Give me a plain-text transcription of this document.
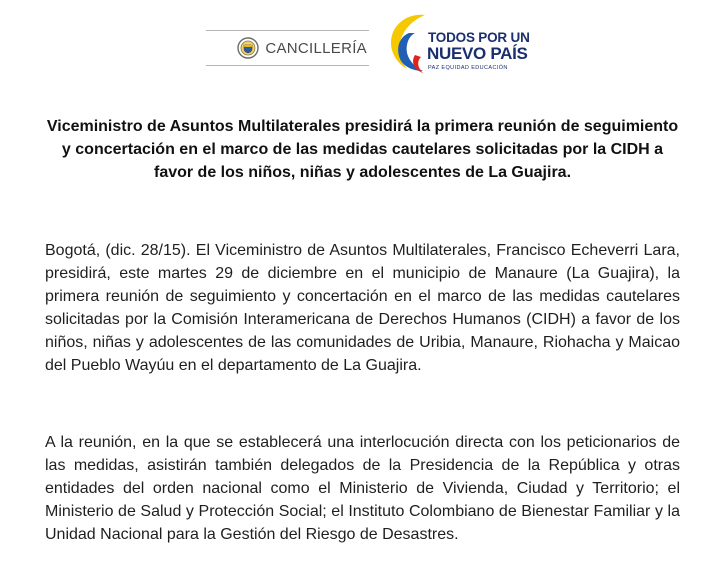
CANCILLERÍA
TODOS POR UN
NUEVO PAÍS
PAZ EQUIDAD EDUCACIÓN
Viceministro de Asuntos Multilaterales presidirá la primera reunión de seguimiento y concertación en el marco de las medidas cautelares solicitadas por la CIDH a favor de los niños, niñas y adolescentes de La Guajira.

Bogotá, (dic. 28/15). El Viceministro de Asuntos Multilaterales, Francisco Echeverri Lara, presidirá, este martes 29 de diciembre en el municipio de Manaure (La Guajira), la primera reunión de seguimiento y concertación en el marco de las medidas cautelares solicitadas por la Comisión Interamericana de Derechos Humanos (CIDH) a favor de los niños, niñas y adolescentes de las comunidades de Uribia, Manaure, Riohacha y Maicao del Pueblo Wayúu en el departamento de La Guajira.

A la reunión, en la que se establecerá una interlocución directa con los peticionarios de las medidas, asistirán también delegados de la Presidencia de la República y otras entidades del orden nacional como el Ministerio de Vivienda, Ciudad y Territorio; el Ministerio de Salud y Protección Social; el Instituto Colombiano de Bienestar Familiar y la Unidad Nacional para la Gestión del Riesgo de Desastres.
